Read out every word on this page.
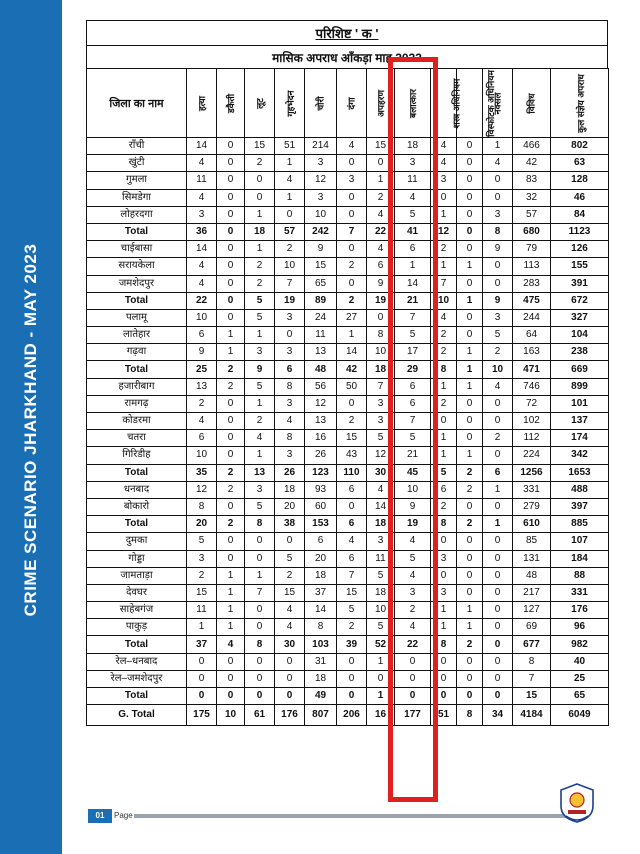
CRIME SCENARIO JHARKHAND - MAY 2023
परिशिष्ट ' क '
मासिक अपराध ऑंकड़ा माह 2023
जिला का नाम	हत्या	डकैती	लूट	गृहभेदन	चोरी	दंगा	अपहरण	बलात्कार	शस्त्र अधिनियम	विस्फोटक अधिनियम	नक्सल	विविध	कुल संज्ञेय अपराध
राँची	14	0	15	51	214	4	15	18	4	0	1	466	802
खुंटी	4	0	2	1	3	0	0	3	4	0	4	42	63
गुमला	11	0	0	4	12	3	1	11	3	0	0	83	128
सिमडेगा	4	0	0	1	3	0	2	4	0	0	0	32	46
लोहरदगा	3	0	1	0	10	0	4	5	1	0	3	57	84
Total	36	0	18	57	242	7	22	41	12	0	8	680	1123
चाईबासा	14	0	1	2	9	0	4	6	2	0	9	79	126
सरायकेला	4	0	2	10	15	2	6	1	1	1	0	113	155
जमशेदपुर	4	0	2	7	65	0	9	14	7	0	0	283	391
Total	22	0	5	19	89	2	19	21	10	1	9	475	672
पलामू	10	0	5	3	24	27	0	7	4	0	3	244	327
लातेहार	6	1	1	0	11	1	8	5	2	0	5	64	104
गढ़वा	9	1	3	3	13	14	10	17	2	1	2	163	238
Total	25	2	9	6	48	42	18	29	8	1	10	471	669
हजारीबाग	13	2	5	8	56	50	7	6	1	1	4	746	899
रामगढ़	2	0	1	3	12	0	3	6	2	0	0	72	101
कोडरमा	4	0	2	4	13	2	3	7	0	0	0	102	137
चतरा	6	0	4	8	16	15	5	5	1	0	2	112	174
गिरिडीह	10	0	1	3	26	43	12	21	1	1	0	224	342
Total	35	2	13	26	123	110	30	45	5	2	6	1256	1653
धनबाद	12	2	3	18	93	6	4	10	6	2	1	331	488
बोकारो	8	0	5	20	60	0	14	9	2	0	0	279	397
Total	20	2	8	38	153	6	18	19	8	2	1	610	885
दुमका	5	0	0	0	6	4	3	4	0	0	0	85	107
गोड्डा	3	0	0	5	20	6	11	5	3	0	0	131	184
जामताड़ा	2	1	1	2	18	7	5	4	0	0	0	48	88
देवघर	15	1	7	15	37	15	18	3	3	0	0	217	331
साहेबगंज	11	1	0	4	14	5	10	2	1	1	0	127	176
पाकुड़	1	1	0	4	8	2	5	4	1	1	0	69	96
Total	37	4	8	30	103	39	52	22	8	2	0	677	982
रेल–धनबाद	0	0	0	0	31	0	1	0	0	0	0	8	40
रेल–जमशेदपुर	0	0	0	0	18	0	0	0	0	0	0	7	25
Total	0	0	0	0	49	0	1	0	0	0	0	15	65
G. Total	175	10	61	176	807	206	16	177	51	8	34	4184	6049
01	Page
